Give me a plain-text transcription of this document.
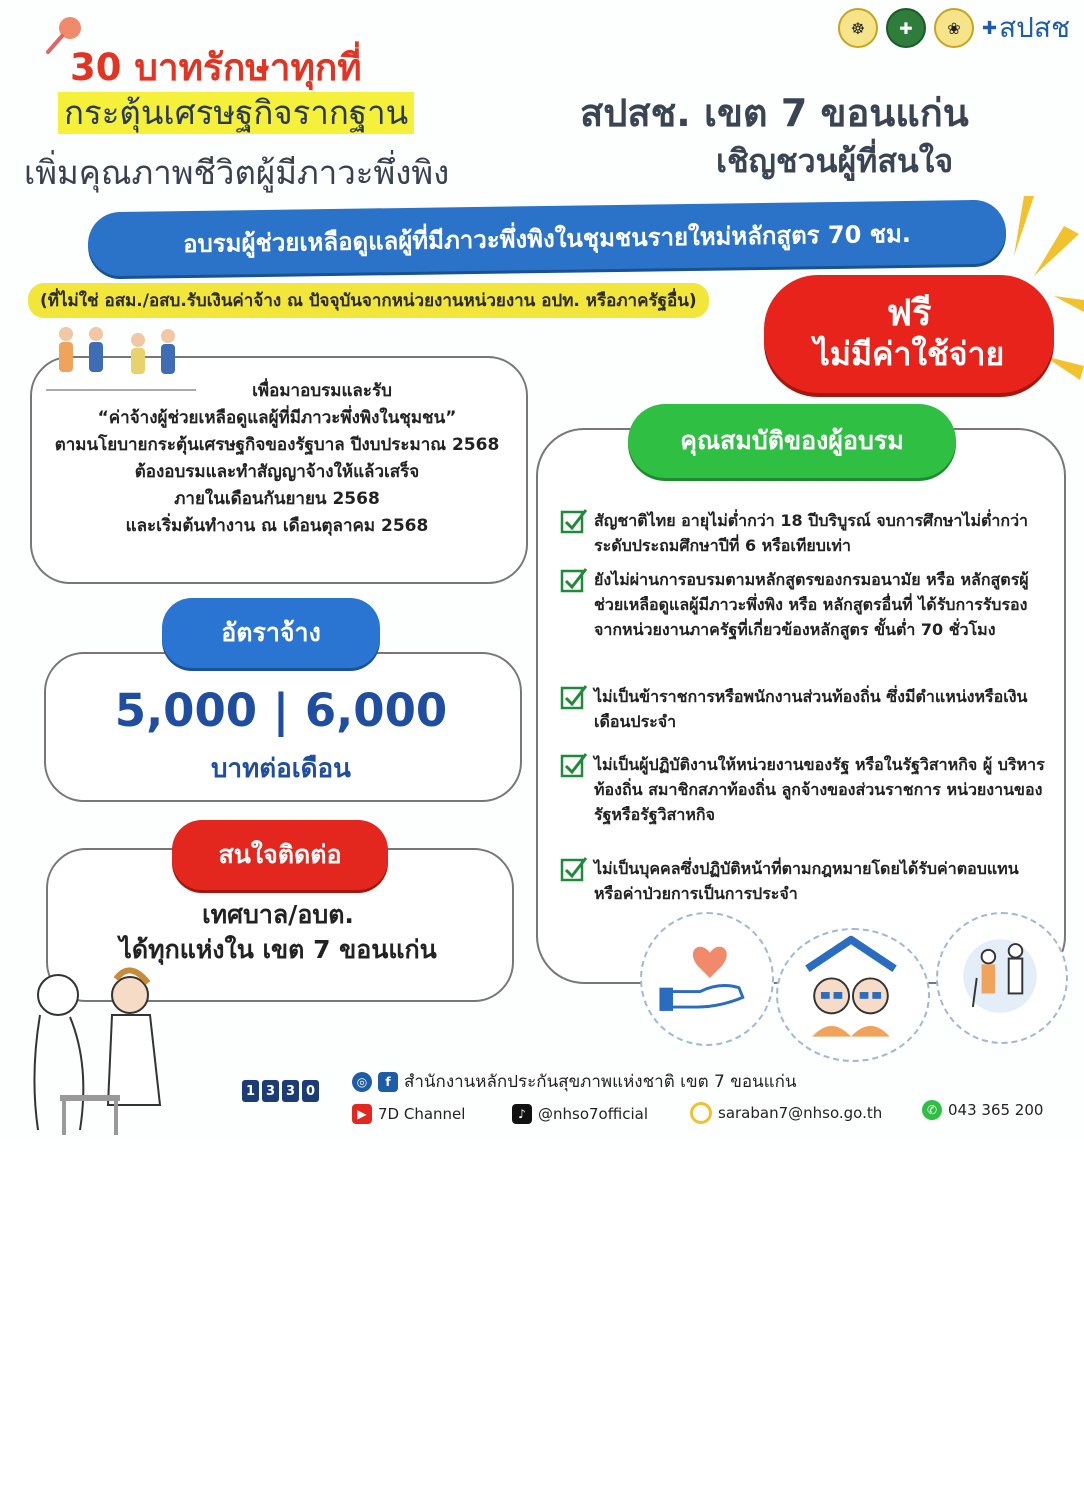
30 บาทรักษาทุกที่
กระตุ้นเศรษฐกิจรากฐาน
เพิ่มคุณภาพชีวิตผู้มีภาวะพึ่งพิง
☸	✚	❀	✚ สปสช
สปสช. เขต 7 ขอนแก่น
เชิญชวนผู้ที่สนใจ
อบรมผู้ช่วยเหลือดูแลผู้ที่มีภาวะพึ่งพิงในชุมชนรายใหม่หลักสูตร 70 ชม.
(ที่ไม่ใช่ อสม./อสบ.รับเงินค่าจ้าง ณ ปัจจุบันจากหน่วยงานหน่วยงาน อปท. หรือภาครัฐอื่น)	ฟรี
ไม่มีค่าใช้จ่าย
เพื่อมาอบรมและรับ
“ค่าจ้างผู้ช่วยเหลือดูแลผู้ที่มีภาวะพึ่งพิงในชุมชน”
ตามนโยบายกระตุ้นเศรษฐกิจของรัฐบาล ปีงบประมาณ 2568
ต้องอบรมและทำสัญญาจ้างให้แล้วเสร็จ
ภายในเดือนกันยายน 2568
และเริ่มต้นทำงาน ณ เดือนตุลาคม 2568
อัตราจ้าง
5,000 | 6,000
บาทต่อเดือน
สนใจติดต่อ
เทศบาล/อบต.
ได้ทุกแห่งใน เขต 7 ขอนแก่น
คุณสมบัติของผู้อบรม
สัญชาติไทย อายุไม่ต่ำกว่า 18 ปีบริบูรณ์ จบการศึกษาไม่ต่ำกว่าระดับประถมศึกษาปีที่ 6 หรือเทียบเท่า
ยังไม่ผ่านการอบรมตามหลักสูตรของกรมอนามัย หรือ หลักสูตรผู้ช่วยเหลือดูแลผู้มีภาวะพึ่งพิง หรือ หลักสูตรอื่นที่ ได้รับการรับรองจากหน่วยงานภาครัฐที่เกี่ยวข้องหลักสูตร ขั้นต่ำ 70 ชั่วโมง
ไม่เป็นข้าราชการหรือพนักงานส่วนท้องถิ่น ซึ่งมีตำแหน่งหรือเงินเดือนประจำ
ไม่เป็นผู้ปฏิบัติงานให้หน่วยงานของรัฐ หรือในรัฐวิสาหกิจ ผู้ บริหารท้องถิ่น สมาชิกสภาท้องถิ่น ลูกจ้างของส่วนราชการ หน่วยงานของรัฐหรือรัฐวิสาหกิจ
ไม่เป็นบุคคลซึ่งปฏิบัติหน้าที่ตามกฎหมายโดยได้รับค่าตอบแทน หรือค่าป่วยการเป็นการประจำ
1 3 3 0
◎	f สำนักงานหลักประกันสุขภาพแห่งชาติ เขต 7 ขอนแก่น
▶ 7D Channel	♪ @nhso7official	saraban7@nhso.go.th	✆ 043 365 200
